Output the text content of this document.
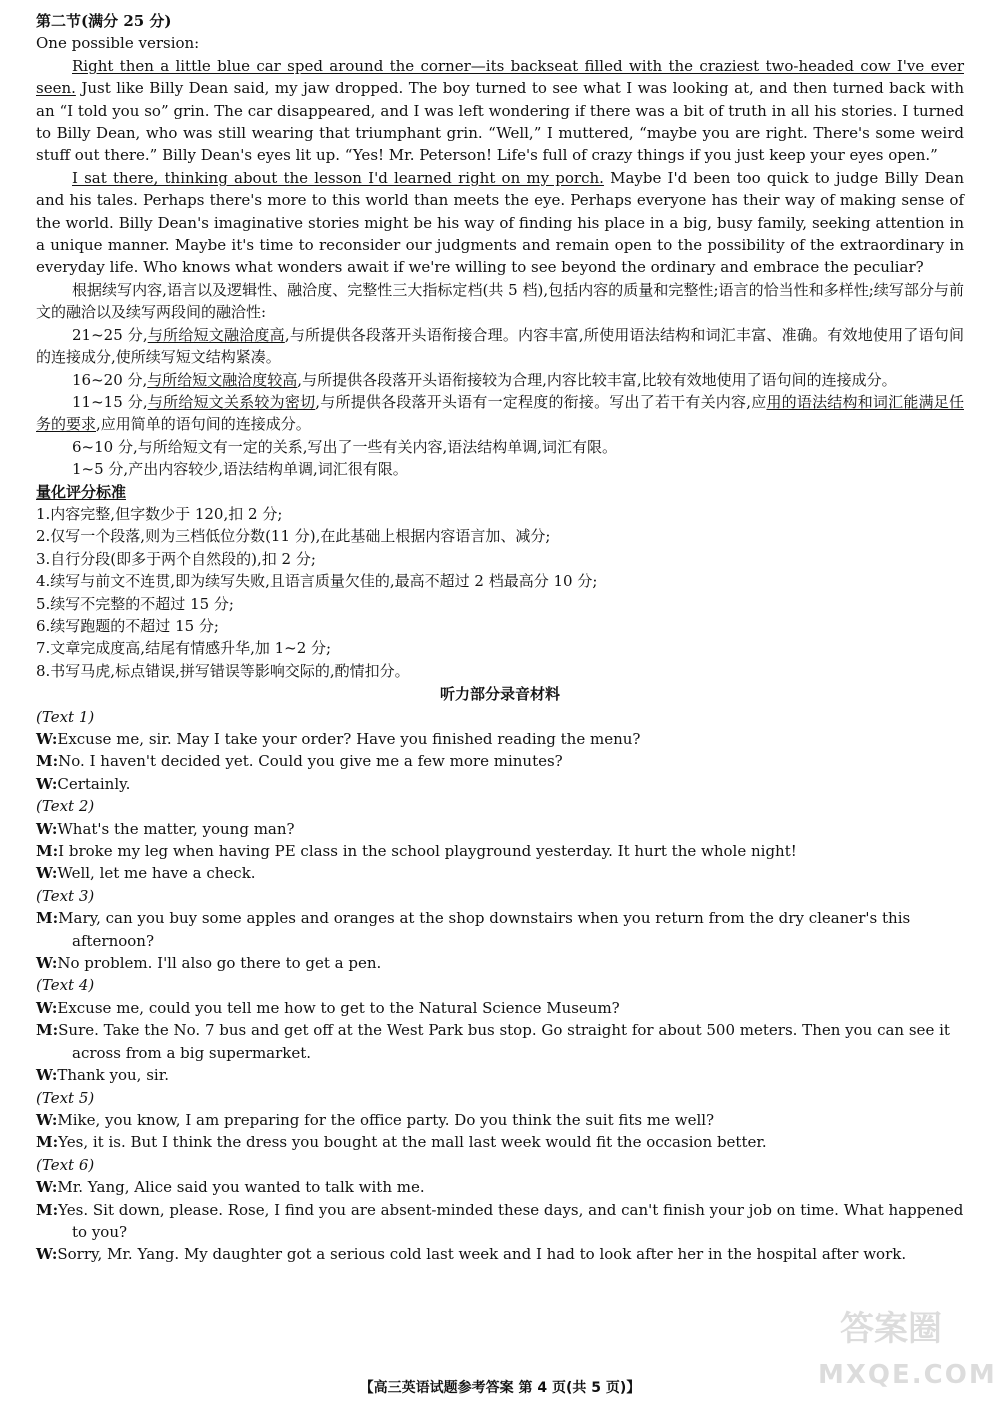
第二节(满分 25 分)
One possible version:
Right then a little blue car sped around the corner—its backseat filled with the craziest two-headed cow I've ever seen. Just like Billy Dean said, my jaw dropped. The boy turned to see what I was looking at, and then turned back with an “I told you so” grin. The car disappeared, and I was left wondering if there was a bit of truth in all his stories. I turned to Billy Dean, who was still wearing that triumphant grin. “Well,” I muttered, “maybe you are right. There's some weird stuff out there.” Billy Dean's eyes lit up. “Yes! Mr. Peterson! Life's full of crazy things if you just keep your eyes open.”
I sat there, thinking about the lesson I'd learned right on my porch. Maybe I'd been too quick to judge Billy Dean and his tales. Perhaps there's more to this world than meets the eye. Perhaps everyone has their way of making sense of the world. Billy Dean's imaginative stories might be his way of finding his place in a big, busy family, seeking attention in a unique manner. Maybe it's time to reconsider our judgments and remain open to the possibility of the extraordinary in everyday life. Who knows what wonders await if we're willing to see beyond the ordinary and embrace the peculiar?
根据续写内容,语言以及逻辑性、融洽度、完整性三大指标定档(共 5 档),包括内容的质量和完整性;语言的恰当性和多样性;续写部分与前文的融洽以及续写两段间的融洽性:
21~25 分,与所给短文融洽度高,与所提供各段落开头语衔接合理。内容丰富,所使用语法结构和词汇丰富、准确。有效地使用了语句间的连接成分,使所续写短文结构紧凑。
16~20 分,与所给短文融洽度较高,与所提供各段落开头语衔接较为合理,内容比较丰富,比较有效地使用了语句间的连接成分。
11~15 分,与所给短文关系较为密切,与所提供各段落开头语有一定程度的衔接。写出了若干有关内容,应用的语法结构和词汇能满足任务的要求,应用简单的语句间的连接成分。
6~10 分,与所给短文有一定的关系,写出了一些有关内容,语法结构单调,词汇有限。
1~5 分,产出内容较少,语法结构单调,词汇很有限。
量化评分标准
1.内容完整,但字数少于 120,扣 2 分;
2.仅写一个段落,则为三档低位分数(11 分),在此基础上根据内容语言加、减分;
3.自行分段(即多于两个自然段的),扣 2 分;
4.续写与前文不连贯,即为续写失败,且语言质量欠佳的,最高不超过 2 档最高分 10 分;
5.续写不完整的不超过 15 分;
6.续写跑题的不超过 15 分;
7.文章完成度高,结尾有情感升华,加 1~2 分;
8.书写马虎,标点错误,拼写错误等影响交际的,酌情扣分。
听力部分录音材料
(Text 1)
W:Excuse me, sir. May I take your order? Have you finished reading the menu?
M:No. I haven't decided yet. Could you give me a few more minutes?
W:Certainly.
(Text 2)
W:What's the matter, young man?
M:I broke my leg when having PE class in the school playground yesterday. It hurt the whole night!
W:Well, let me have a check.
(Text 3)
M:Mary, can you buy some apples and oranges at the shop downstairs when you return from the dry cleaner's this afternoon?
W:No problem. I'll also go there to get a pen.
(Text 4)
W:Excuse me, could you tell me how to get to the Natural Science Museum?
M:Sure. Take the No. 7 bus and get off at the West Park bus stop. Go straight for about 500 meters. Then you can see it across from a big supermarket.
W:Thank you, sir.
(Text 5)
W:Mike, you know, I am preparing for the office party. Do you think the suit fits me well?
M:Yes, it is. But I think the dress you bought at the mall last week would fit the occasion better.
(Text 6)
W:Mr. Yang, Alice said you wanted to talk with me.
M:Yes. Sit down, please. Rose, I find you are absent-minded these days, and can't finish your job on time. What happened to you?
W:Sorry, Mr. Yang. My daughter got a serious cold last week and I had to look after her in the hospital after work.
答案圈
MXQE.COM
【高三英语试题参考答案 第 4 页(共 5 页)】
